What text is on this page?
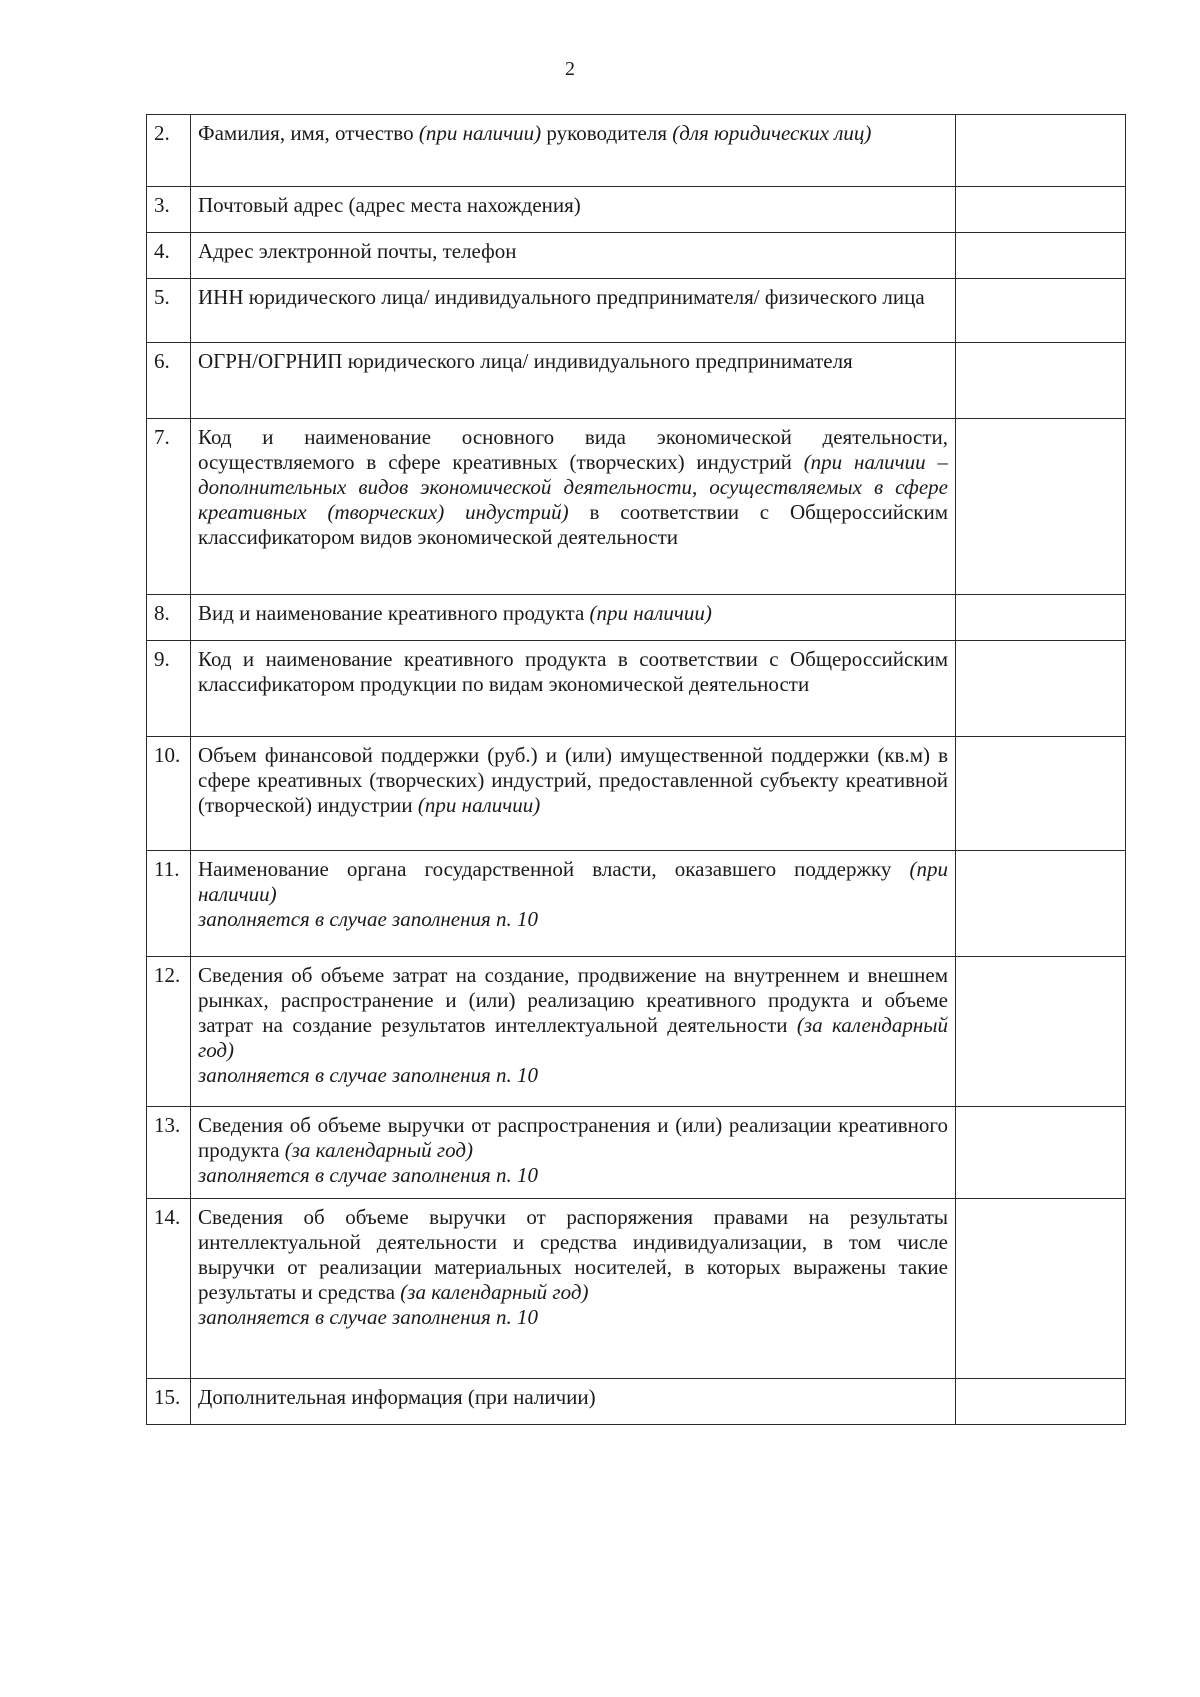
2
2.	Фамилия, имя, отчество (при наличии) руководителя (для юридических лиц)

3.	Почтовый адрес (адрес места нахождения)

4.	Адрес электронной почты, телефон

5.	ИНН юридического лица/ индивидуального предпринимателя/ физического лица

6.	ОГРН/ОГРНИП юридического лица/ индивидуального предпринимателя

7.	Код и наименование основного вида экономической деятельности, осуществляемого в сфере креативных (творческих) индустрий (при наличии – дополнительных видов экономической деятельности, осуществляемых в сфере креативных (творческих) индустрий) в соответствии с Общероссийским классификатором видов экономической деятельности

8.	Вид и наименование креативного продукта (при наличии)

9.	Код и наименование креативного продукта в соответствии с Общероссийским классификатором продукции по видам экономической деятельности

10.	Объем финансовой поддержки (руб.) и (или) имущественной поддержки (кв.м) в сфере креативных (творческих) индустрий, предоставленной субъекту креативной (творческой) индустрии (при наличии)

11.	Наименование органа государственной власти, оказавшего поддержку (при наличии)
заполняется в случае заполнения п. 10	

12.	Сведения об объеме затрат на создание, продвижение на внутреннем и внешнем рынках, распространение и (или) реализацию креативного продукта и объеме затрат на создание результатов интеллектуальной деятельности (за календарный год)
заполняется в случае заполнения п. 10	

13.	Сведения об объеме выручки от распространения и (или) реализации креативного продукта (за календарный год)
заполняется в случае заполнения п. 10	

14.	Сведения об объеме выручки от распоряжения правами на результаты интеллектуальной деятельности и средства индивидуализации, в том числе выручки от реализации материальных носителей, в которых выражены такие результаты и средства (за календарный год)
заполняется в случае заполнения п. 10	

15.	Дополнительная информация (при наличии)
